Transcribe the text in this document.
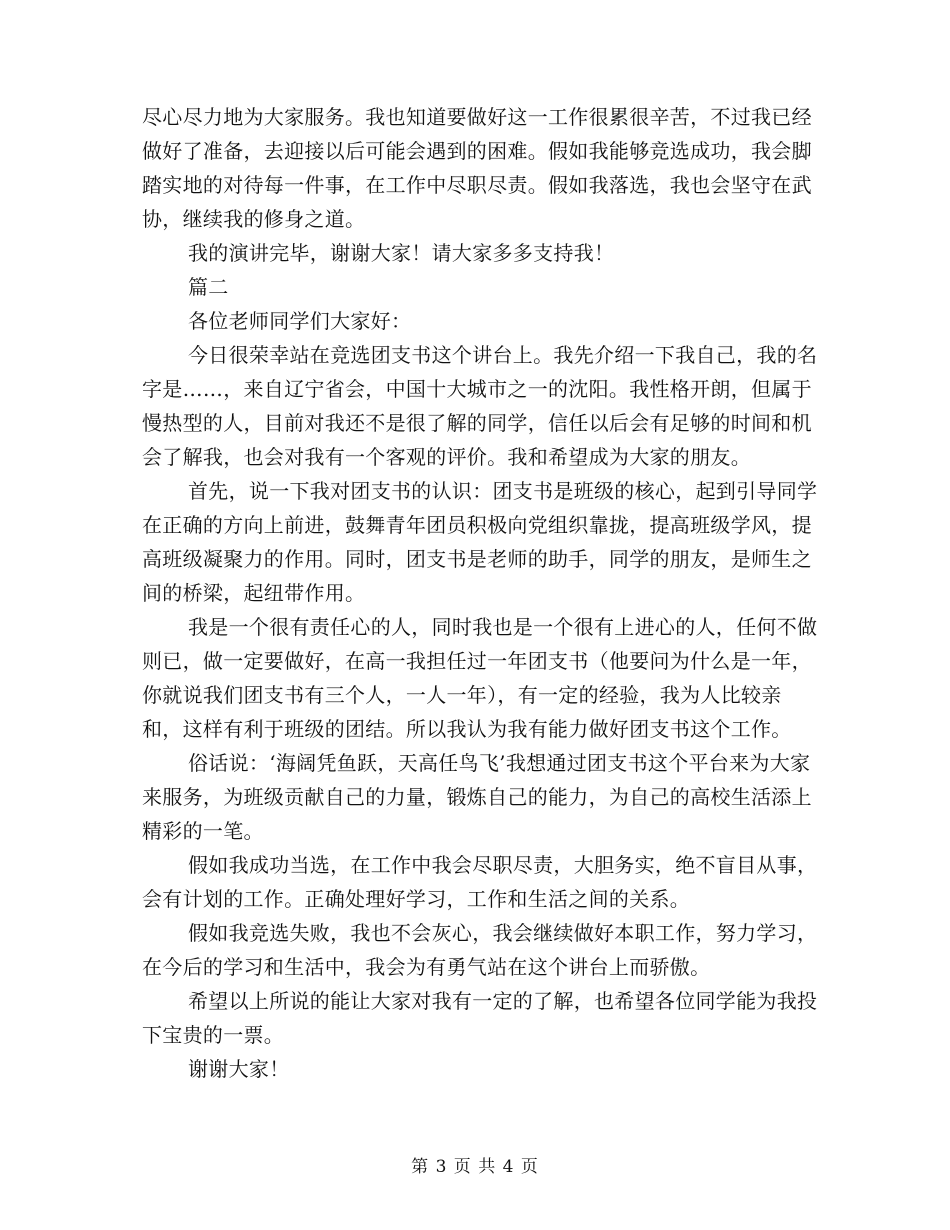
尽心尽力地为大家服务。我也知道要做好这一工作很累很辛苦，不过我已经做好了准备，去迎接以后可能会遇到的困难。假如我能够竞选成功，我会脚踏实地的对待每一件事，在工作中尽职尽责。假如我落选，我也会坚守在武协，继续我的修身之道。

我的演讲完毕，谢谢大家！请大家多多支持我！

篇二

各位老师同学们大家好：

今日很荣幸站在竞选团支书这个讲台上。我先介绍一下我自己，我的名字是……，来自辽宁省会，中国十大城市之一的沈阳。我性格开朗，但属于慢热型的人，目前对我还不是很了解的同学，信任以后会有足够的时间和机会了解我，也会对我有一个客观的评价。我和希望成为大家的朋友。

首先，说一下我对团支书的认识：团支书是班级的核心，起到引导同学在正确的方向上前进，鼓舞青年团员积极向党组织靠拢，提高班级学风，提高班级凝聚力的作用。同时，团支书是老师的助手，同学的朋友，是师生之间的桥梁，起纽带作用。

我是一个很有责任心的人，同时我也是一个很有上进心的人，任何不做则已，做一定要做好，在高一我担任过一年团支书（他要问为什么是一年，你就说我们团支书有三个人，一人一年），有一定的经验，我为人比较亲和，这样有利于班级的团结。所以我认为我有能力做好团支书这个工作。

俗话说：‘海阔凭鱼跃，天高任鸟飞’我想通过团支书这个平台来为大家来服务，为班级贡献自己的力量，锻炼自己的能力，为自己的高校生活添上精彩的一笔。

假如我成功当选，在工作中我会尽职尽责，大胆务实，绝不盲目从事，会有计划的工作。正确处理好学习，工作和生活之间的关系。

假如我竞选失败，我也不会灰心，我会继续做好本职工作，努力学习，在今后的学习和生活中，我会为有勇气站在这个讲台上而骄傲。

希望以上所说的能让大家对我有一定的了解，也希望各位同学能为我投下宝贵的一票。

谢谢大家！

第 3 页 共 4 页
